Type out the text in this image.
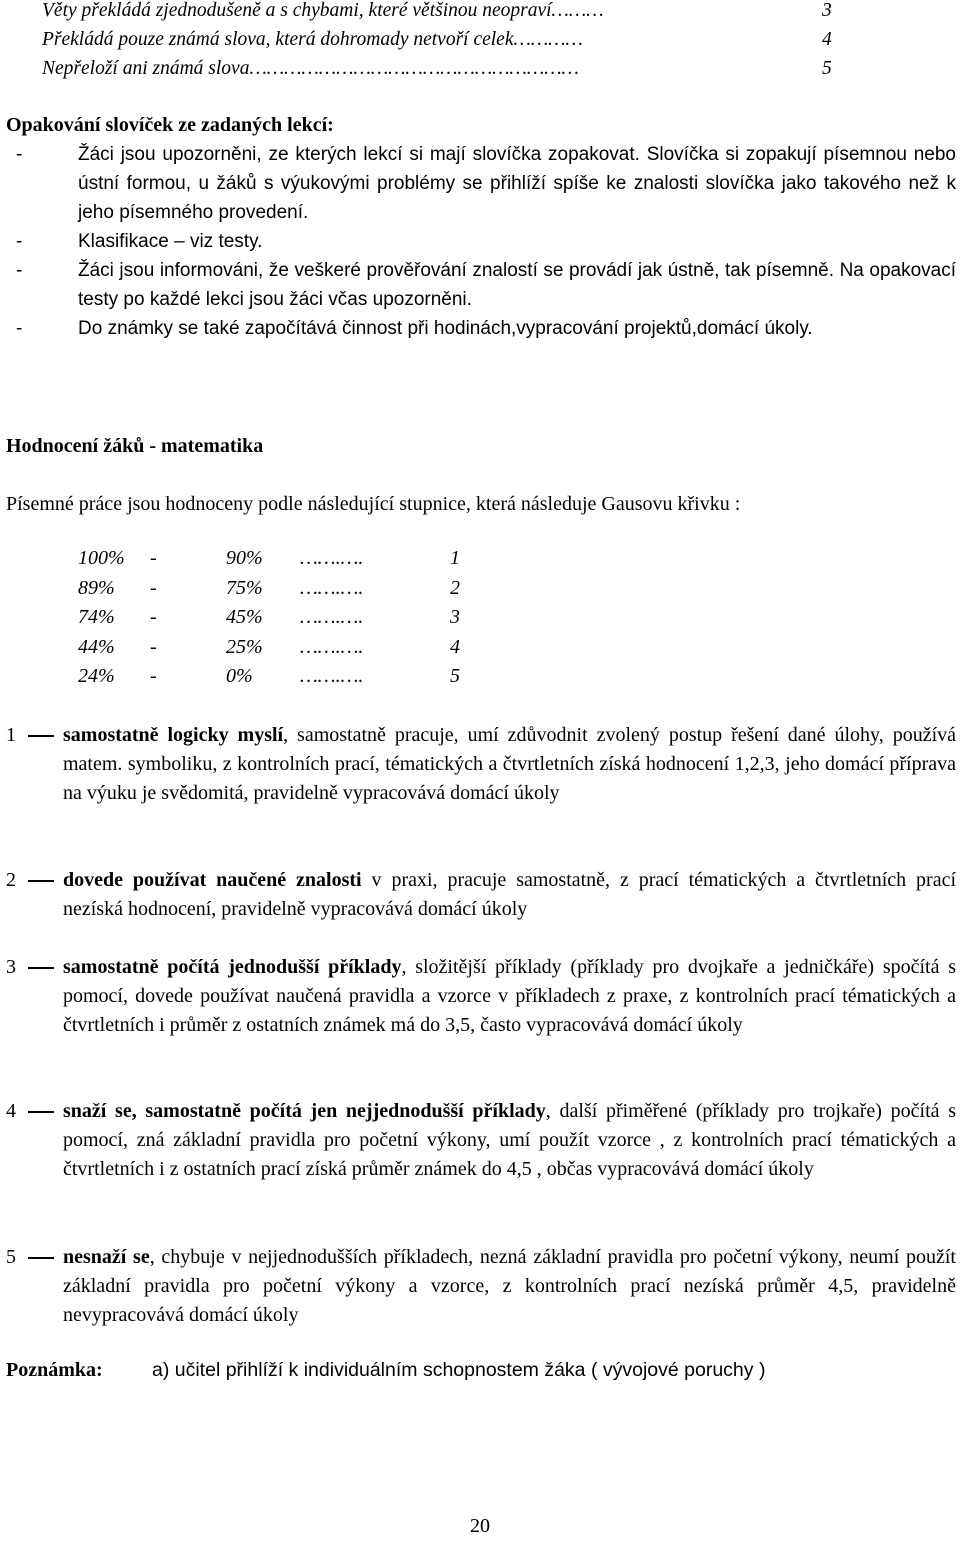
Věty překládá zjednodušeně a s chybami, které většinou neopraví………	3
Překládá pouze známá slova, která dohromady netvoří celek…………	4
Nepřeloží ani známá slova…………………………………………………	5
Opakování slovíček ze zadaných lekcí:
-	Žáci jsou upozorněni, ze kterých lekcí si mají slovíčka zopakovat. Slovíčka si zopakují písemnou nebo ústní formou, u žáků s výukovými problémy se přihlíží spíše ke znalosti slovíčka jako takového než k jeho písemného provedení.
-	Klasifikace – viz testy.
-	Žáci jsou informováni, že veškeré prověřování znalostí se provádí jak ústně, tak písemně. Na opakovací testy po každé lekci jsou žáci včas upozorněni.
-	Do známky se také započítává činnost při hodinách,vypracování projektů,domácí úkoly.
Hodnocení žáků - matematika
Písemné práce jsou hodnoceny podle následující stupnice, která následuje Gausovu křivku :
100% -	90% …….….	1
89% -	75% …….….	2
74% -	45% …….….	3
44% -	25% …….….	4
24% -	0% …….….	5
1 samostatně logicky myslí, samostatně pracuje, umí zdůvodnit zvolený postup řešení dané úlohy, používá matem. symboliku, z kontrolních prací, tématických a čtvrtletních získá hodnocení 1,2,3, jeho domácí příprava na výuku je svědomitá, pravidelně vypracovává domácí úkoly
2 dovede používat naučené znalosti v praxi, pracuje samostatně, z prací tématických a čtvrtletních prací nezíská hodnocení, pravidelně vypracovává domácí úkoly
3 samostatně počítá jednodušší příklady, složitější příklady (příklady pro dvojkaře a jedničkáře) spočítá s pomocí, dovede používat naučená pravidla a vzorce v příkladech z praxe, z kontrolních prací tématických a čtvrtletních i průměr z ostatních známek má do 3,5, často vypracovává domácí úkoly
4 snaží se, samostatně počítá jen nejjednodušší příklady, další přiměřené (příklady pro trojkaře) počítá s pomocí, zná základní pravidla pro početní výkony, umí použít vzorce , z kontrolních prací tématických a čtvrtletních i z ostatních prací získá průměr známek do 4,5 , občas vypracovává domácí úkoly
5 nesnaží se, chybuje v nejjednodušších příkladech, nezná základní pravidla pro početní výkony, neumí použít základní pravidla pro početní výkony a vzorce, z kontrolních prací nezíská průměr 4,5, pravidelně nevypracovává domácí úkoly
Poznámka:	a) učitel přihlíží k individuálním schopnostem žáka ( vývojové poruchy )
20
